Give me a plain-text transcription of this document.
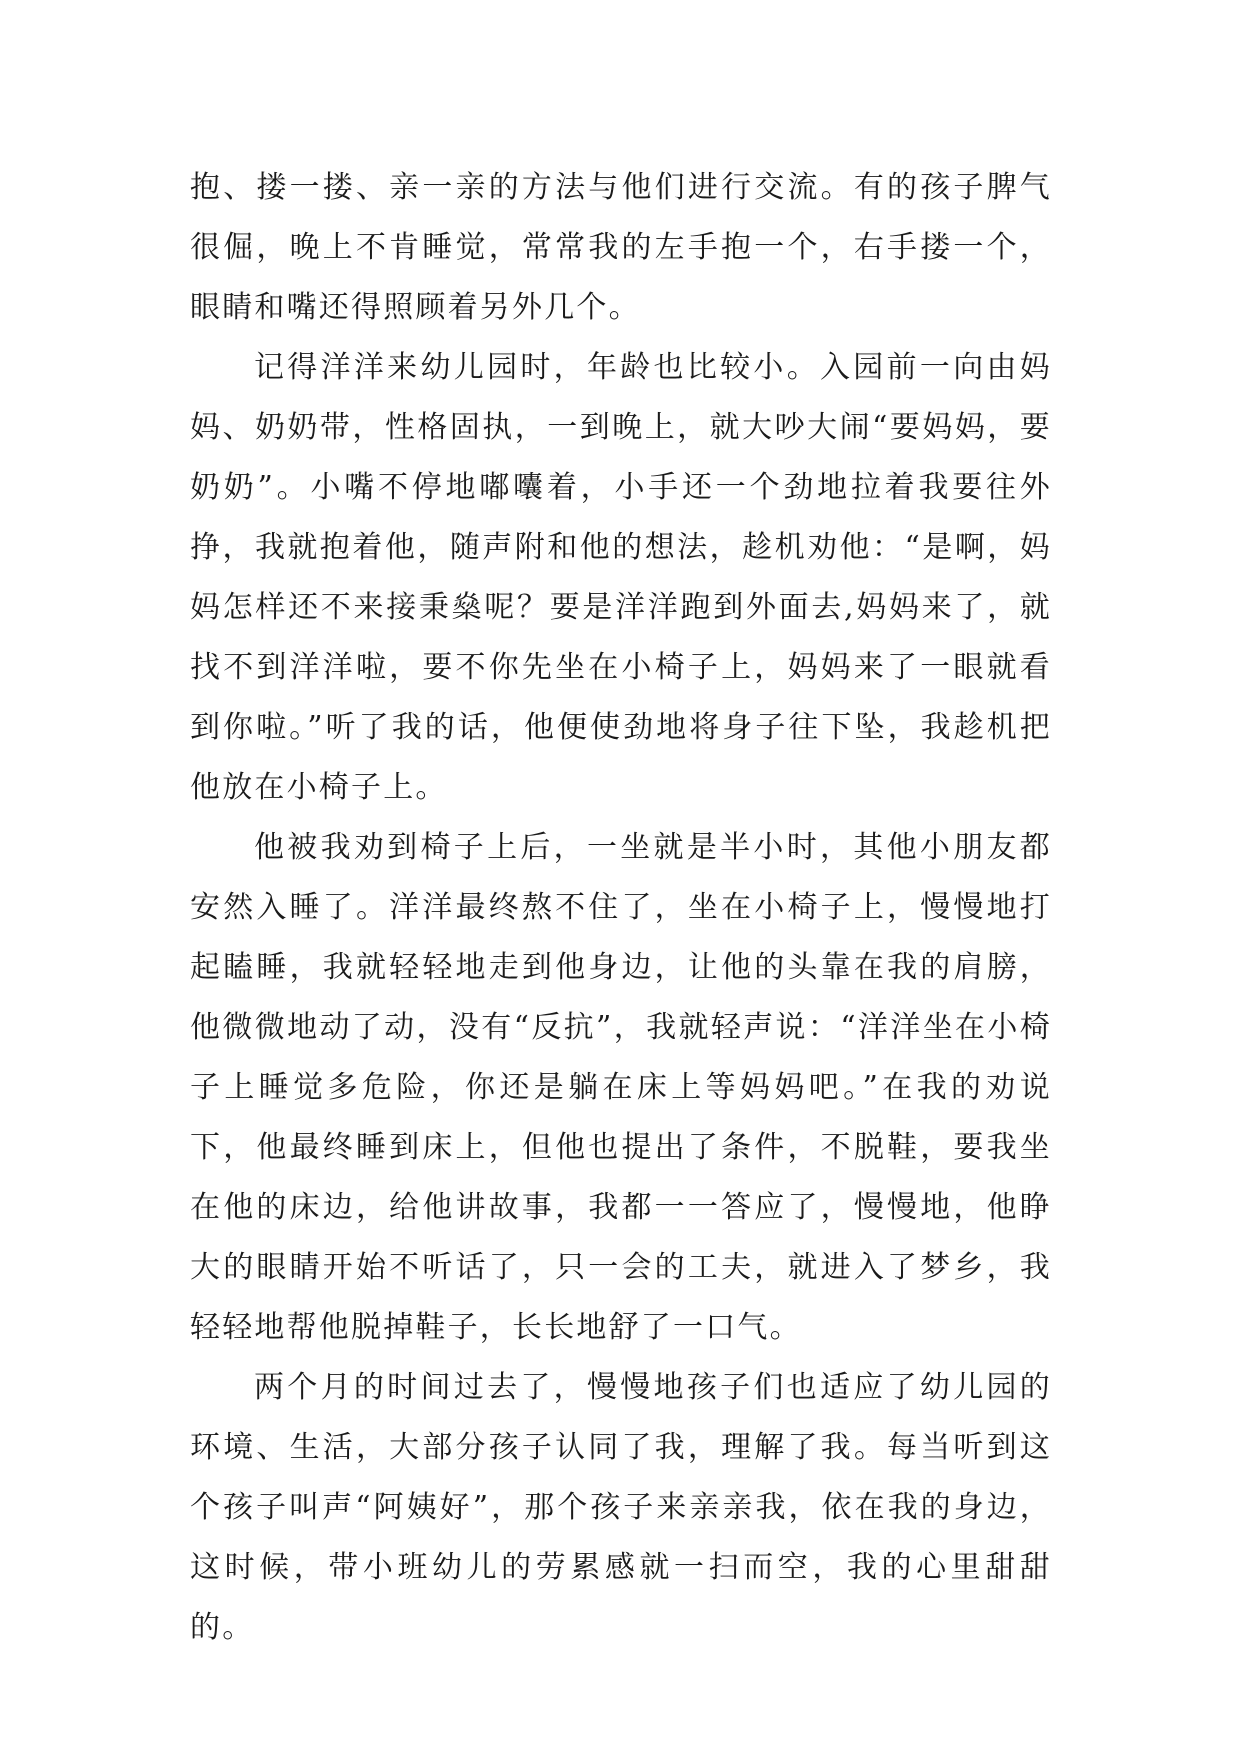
抱、搂一搂、亲一亲的方法与他们进行交流。有的孩子脾气很倔，晚上不肯睡觉，常常我的左手抱一个，右手搂一个，眼睛和嘴还得照顾着另外几个。

记得洋洋来幼儿园时，年龄也比较小。入园前一向由妈妈、奶奶带，性格固执，一到晚上，就大吵大闹“要妈妈，要奶奶”。小嘴不停地嘟囔着，小手还一个劲地拉着我要往外挣，我就抱着他，随声附和他的想法，趁机劝他：“是啊，妈妈怎样还不来接秉燊呢？要是洋洋跑到外面去,妈妈来了，就找不到洋洋啦，要不你先坐在小椅子上，妈妈来了一眼就看到你啦。”听了我的话，他便使劲地将身子往下坠，我趁机把他放在小椅子上。

他被我劝到椅子上后，一坐就是半小时，其他小朋友都安然入睡了。洋洋最终熬不住了，坐在小椅子上，慢慢地打起瞌睡，我就轻轻地走到他身边，让他的头靠在我的肩膀，他微微地动了动，没有“反抗”，我就轻声说：“洋洋坐在小椅子上睡觉多危险，你还是躺在床上等妈妈吧。”在我的劝说下，他最终睡到床上，但他也提出了条件，不脱鞋，要我坐在他的床边，给他讲故事，我都一一答应了，慢慢地，他睁大的眼睛开始不听话了，只一会的工夫，就进入了梦乡，我轻轻地帮他脱掉鞋子，长长地舒了一口气。

两个月的时间过去了，慢慢地孩子们也适应了幼儿园的环境、生活，大部分孩子认同了我，理解了我。每当听到这个孩子叫声“阿姨好”，那个孩子来亲亲我，依在我的身边，这时候，带小班幼儿的劳累感就一扫而空，我的心里甜甜的。
